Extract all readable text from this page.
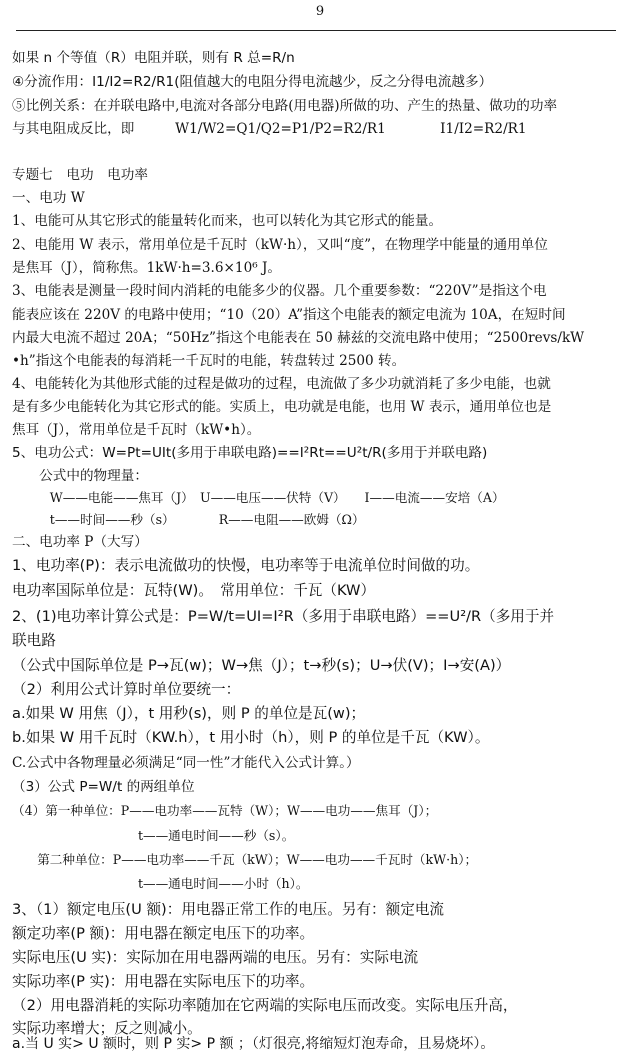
9
如果 n 个等值（R）电阻并联，则有 R 总=R/n
④分流作用：I1/I2=R2/R1(阻值越大的电阻分得电流越少，反之分得电流越多）
⑤比例关系：在并联电路中,电流对各部分电路(用电器)所做的功、产生的热量、做功的功率
与其电阻成反比，即　　　W1/W2=Q1/Q2=P1/P2=R2/R1　　　　I1/I2=R2/R1
专题七　电功　电功率
一、电功 W
1、电能可从其它形式的能量转化而来，也可以转化为其它形式的能量。
2、电能用 W 表示，常用单位是千瓦时（kW·h），又叫“度”，在物理学中能量的通用单位
是焦耳（J），简称焦。1kW·h=3.6×10⁶ J。
3、电能表是测量一段时间内消耗的电能多少的仪器。几个重要参数：“220V”是指这个电
能表应该在 220V 的电路中使用；“10（20）A”指这个电能表的额定电流为 10A，在短时间
内最大电流不超过 20A；“50Hz”指这个电能表在 50 赫兹的交流电路中使用；“2500revs/kW
•h”指这个电能表的每消耗一千瓦时的电能，转盘转过 2500 转。
4、电能转化为其他形式能的过程是做功的过程，电流做了多少功就消耗了多少电能，也就
是有多少电能转化为其它形式的能。实质上，电功就是电能，也用 W 表示，通用单位也是
焦耳（J），常用单位是千瓦时（kW•h）。
5、电功公式：W=Pt=UIt(多用于串联电路)==I²Rt==U²t/R(多用于并联电路)
　　公式中的物理量：
　　　W——电能——焦耳（J）　U——电压——伏特（V）　　I——电流——安培（A）
　　　t——时间——秒（s）　　　　R——电阻——欧姆（Ω）
二、电功率 P（大写）
1、电功率(P)：表示电流做功的快慢，电功率等于电流单位时间做的功。
电功率国际单位是：瓦特(W)。　常用单位：千瓦（KW）
2、(1)电功率计算公式是：P=W/t=UI=I²R（多用于串联电路）==U²/R（多用于并
联电路
（公式中国际单位是 P→瓦(w)；W→焦（J）；t→秒(s)；U→伏(V)；I→安(A)）
（2）利用公式计算时单位要统一：
a.如果 W 用焦（J），t 用秒(s)，则 P 的单位是瓦(w)；
b.如果 W 用千瓦时（KW.h），t 用小时（h），则 P 的单位是千瓦（KW）。
C.公式中各物理量必须满足“同一性”才能代入公式计算。）
（3）公式 P=W/t 的两组单位
（4）第一种单位：P——电功率——瓦特（W）；W——电功——焦耳（J）；
　　　　　　　　　　t——通电时间——秒（s）。
　　第二种单位：P——电功率——千瓦（kW）；W——电功——千瓦时（kW·h）；
　　　　　　　　　　t——通电时间——小时（h）。
3、（1）额定电压(U 额)：用电器正常工作的电压。另有：额定电流
额定功率(P 额)：用电器在额定电压下的功率。
实际电压(U 实)：实际加在用电器两端的电压。另有：实际电流
实际功率(P 实)：用电器在实际电压下的功率。
（2）用电器消耗的实际功率随加在它两端的实际电压而改变。实际电压升高，
实际功率增大；反之则减小。
a.当 U 实> U 额时，则 P 实> P 额 ；（灯很亮,将缩短灯泡寿命，且易烧坏）。
